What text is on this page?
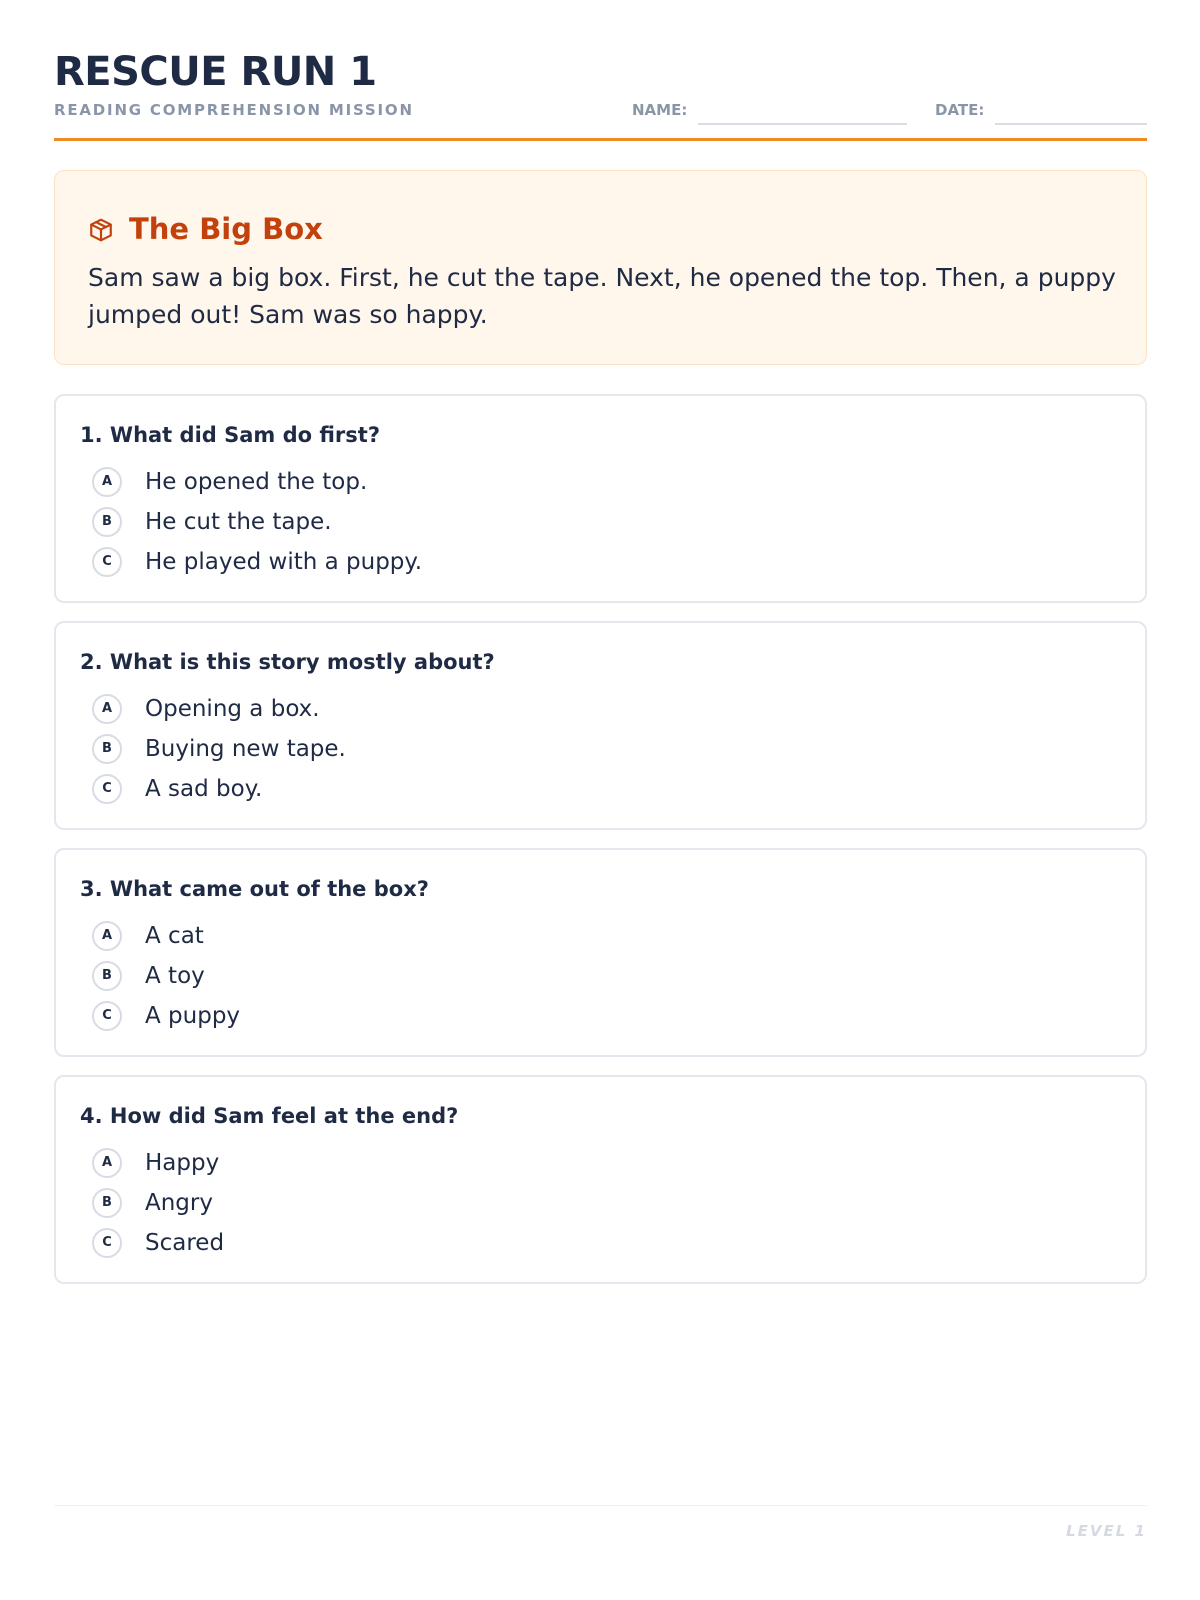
RESCUE RUN 1
READING COMPREHENSION MISSION	NAME:	DATE:
The Big Box
Sam saw a big box. First, he cut the tape. Next, he opened the top. Then, a puppy jumped out! Sam was so happy.
1. What did Sam do first?
A	He opened the top.
B	He cut the tape.
C	He played with a puppy.
2. What is this story mostly about?
A	Opening a box.
B	Buying new tape.
C	A sad boy.
3. What came out of the box?
A	A cat
B	A toy
C	A puppy
4. How did Sam feel at the end?
A	Happy
B	Angry
C	Scared
LEVEL 1
